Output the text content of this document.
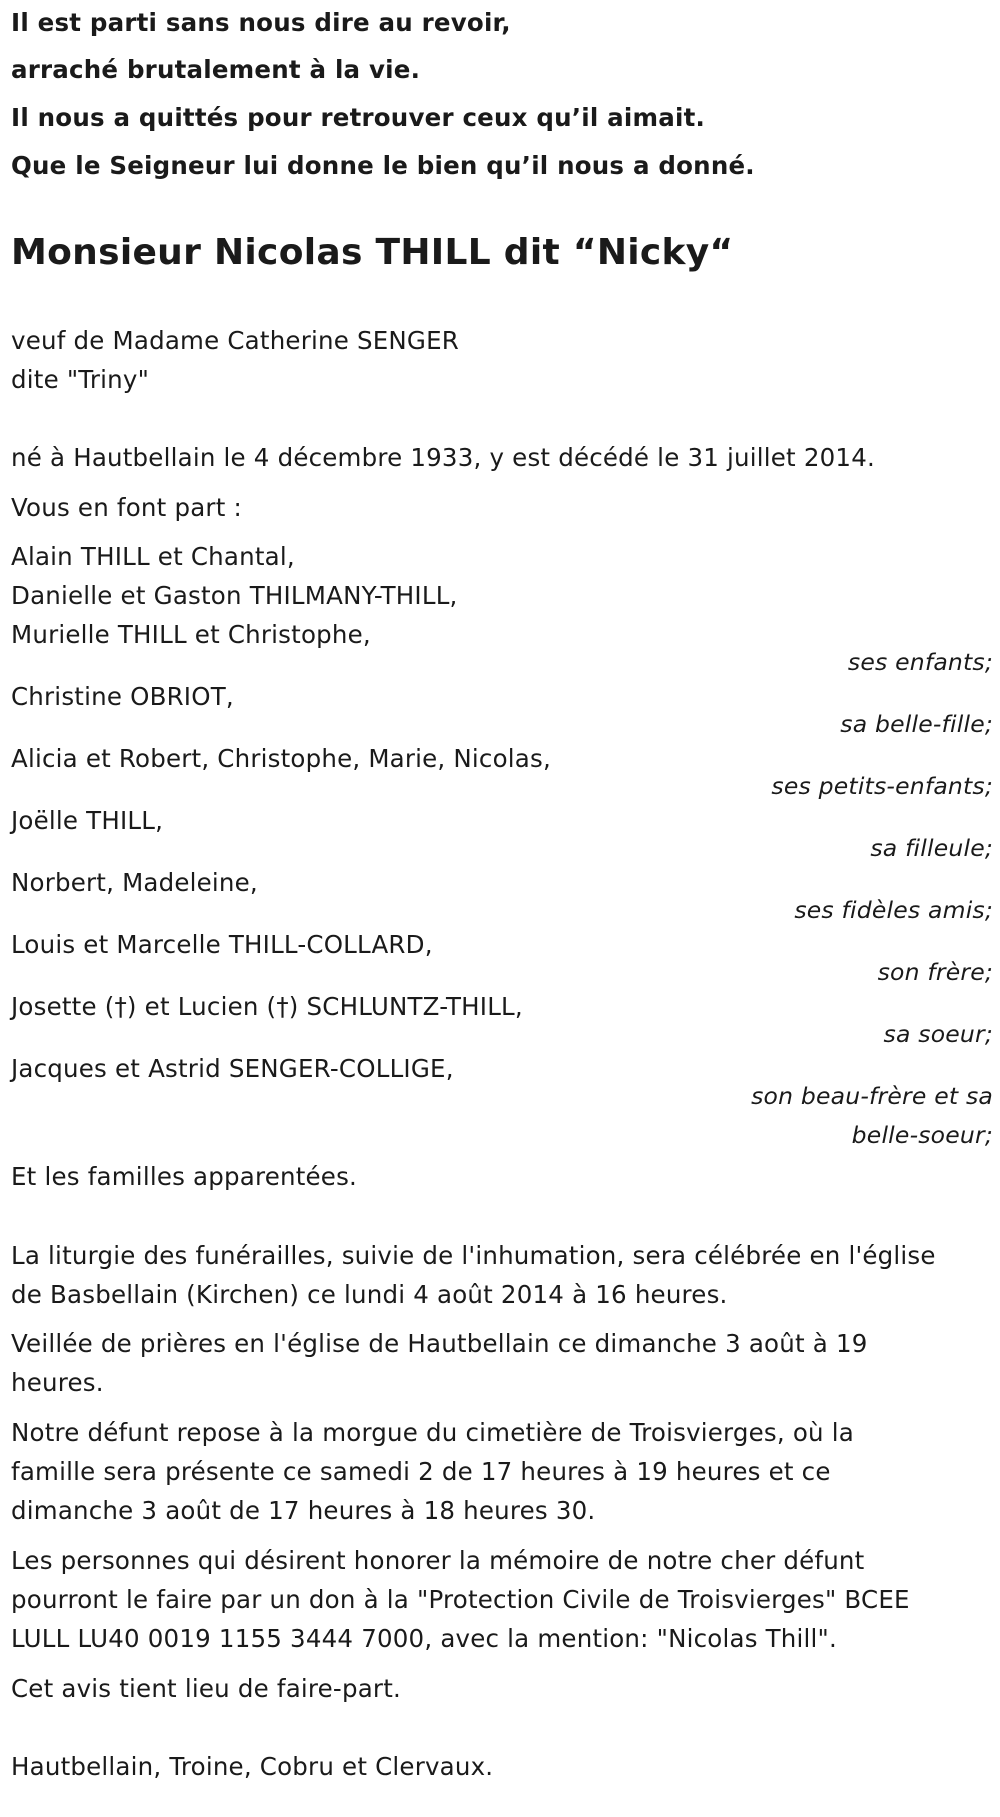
Il est parti sans nous dire au revoir,
arraché brutalement à la vie.
Il nous a quittés pour retrouver ceux qu’il aimait.
Que le Seigneur lui donne le bien qu’il nous a donné.
Monsieur Nicolas THILL dit “Nicky“
veuf de Madame Catherine SENGER
dite "Triny"
né à Hautbellain le 4 décembre 1933, y est décédé le 31 juillet 2014.
Vous en font part :
Alain THILL et Chantal,
Danielle et Gaston THILMANY-THILL,
Murielle THILL et Christophe,
ses enfants;
Christine OBRIOT,
sa belle-fille;
Alicia et Robert, Christophe, Marie, Nicolas,
ses petits-enfants;
Joëlle THILL,
sa filleule;
Norbert, Madeleine,
ses fidèles amis;
Louis et Marcelle THILL-COLLARD,
son frère;
Josette (†) et Lucien (†) SCHLUNTZ-THILL,
sa soeur;
Jacques et Astrid SENGER-COLLIGE,
son beau-frère et sa
belle-soeur;
Et les familles apparentées.
La liturgie des funérailles, suivie de l'inhumation, sera célébrée en l'église
de Basbellain (Kirchen) ce lundi 4 août 2014 à 16 heures.
Veillée de prières en l'église de Hautbellain ce dimanche 3 août à 19
heures.
Notre défunt repose à la morgue du cimetière de Troisvierges, où la
famille sera présente ce samedi 2 de 17 heures à 19 heures et ce
dimanche 3 août de 17 heures à 18 heures 30.
Les personnes qui désirent honorer la mémoire de notre cher défunt
pourront le faire par un don à la "Protection Civile de Troisvierges" BCEE
LULL LU40 0019 1155 3444 7000, avec la mention: "Nicolas Thill".
Cet avis tient lieu de faire-part.
Hautbellain, Troine, Cobru et Clervaux.
